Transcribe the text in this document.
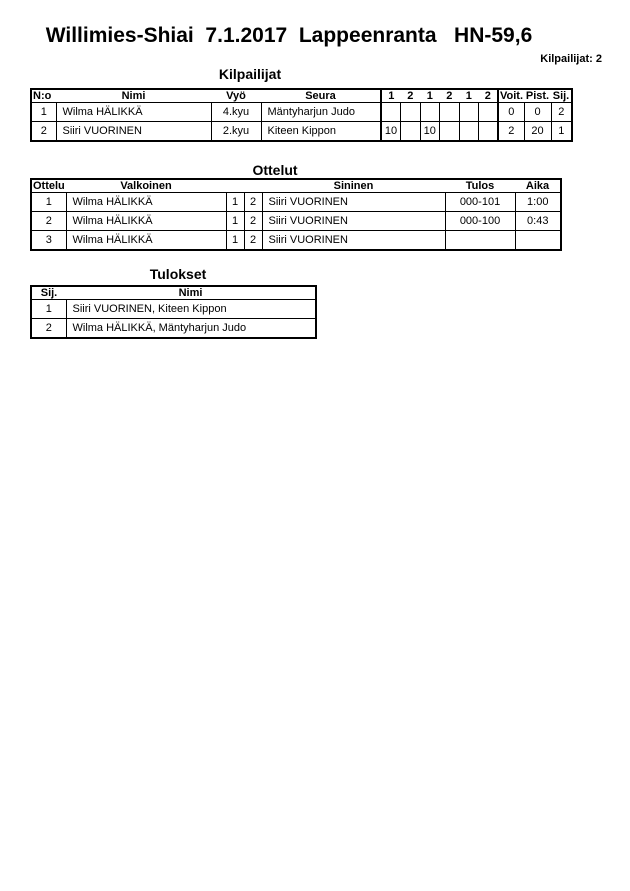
Willimies-Shiai  7.1.2017  Lappeenranta   HN-59,6
Kilpailijat: 2
Kilpailijat
N:o	Nimi	Vyö	Seura	1	2	1	2	1	2	Voit.	Pist.	Sij.
1	Wilma HÄLIKKÄ	4.kyu	Mäntyharjun Judo							0	0	2
2	Siiri VUORINEN	2.kyu	Kiteen Kippon	10		10				2	20	1
Ottelut
Ottelu	Valkoinen			Sininen	Tulos	Aika
1	Wilma HÄLIKKÄ	1	2	Siiri VUORINEN	000-101	1:00
2	Wilma HÄLIKKÄ	1	2	Siiri VUORINEN	000-100	0:43
3	Wilma HÄLIKKÄ	1	2	Siiri VUORINEN		
Tulokset
Sij.	Nimi
1	Siiri VUORINEN, Kiteen Kippon
2	Wilma HÄLIKKÄ, Mäntyharjun Judo
